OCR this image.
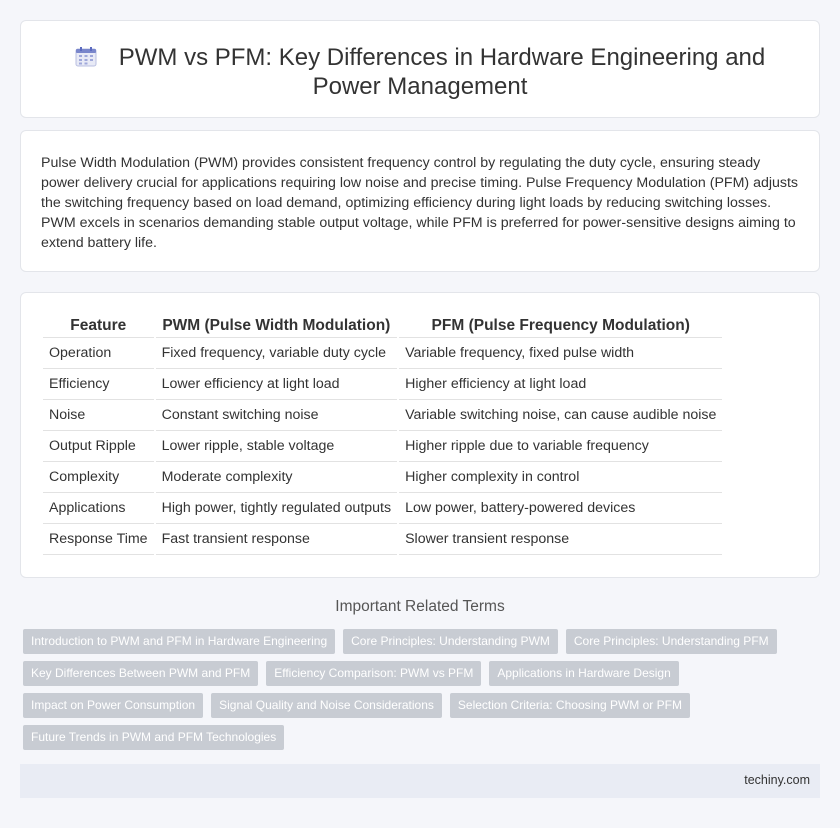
PWM vs PFM: Key Differences in Hardware Engineering and Power Management

Pulse Width Modulation (PWM) provides consistent frequency control by regulating the duty cycle, ensuring steady power delivery crucial for applications requiring low noise and precise timing. Pulse Frequency Modulation (PFM) adjusts the switching frequency based on load demand, optimizing efficiency during light loads by reducing switching losses. PWM excels in scenarios demanding stable output voltage, while PFM is preferred for power-sensitive designs aiming to extend battery life.

Feature	PWM (Pulse Width Modulation)	PFM (Pulse Frequency Modulation)
Operation	Fixed frequency, variable duty cycle	Variable frequency, fixed pulse width
Efficiency	Lower efficiency at light load	Higher efficiency at light load
Noise	Constant switching noise	Variable switching noise, can cause audible noise
Output Ripple	Lower ripple, stable voltage	Higher ripple due to variable frequency
Complexity	Moderate complexity	Higher complexity in control
Applications	High power, tightly regulated outputs	Low power, battery-powered devices
Response Time	Fast transient response	Slower transient response
Important Related Terms
Introduction to PWM and PFM in Hardware Engineering	Core Principles: Understanding PWM	Core Principles: Understanding PFM
Key Differences Between PWM and PFM	Efficiency Comparison: PWM vs PFM	Applications in Hardware Design
Impact on Power Consumption	Signal Quality and Noise Considerations	Selection Criteria: Choosing PWM or PFM
Future Trends in PWM and PFM Technologies
techiny.com
